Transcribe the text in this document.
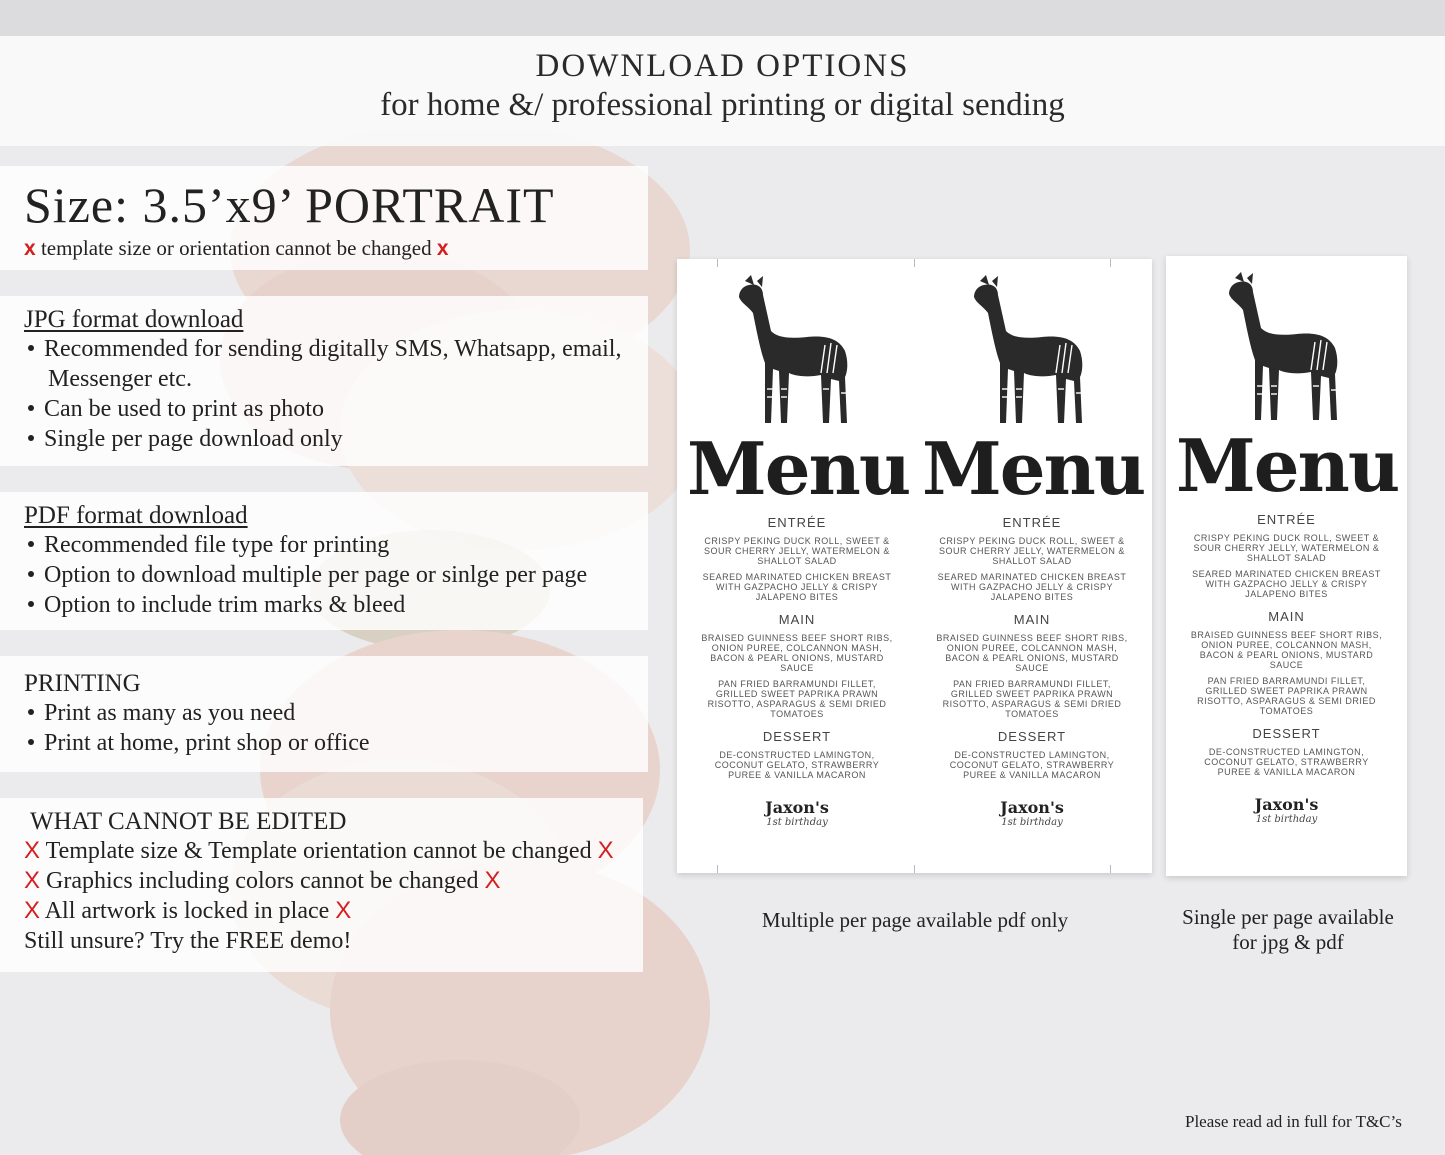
DOWNLOAD OPTIONS
for home &/ professional printing or digital sending
Size: 3.5’x9’ PORTRAIT
x template size or orientation cannot be changed x
JPG format download
Recommended for sending digitally SMS, Whatsapp, email,
Messenger etc.
Can be used to print as photo
Single per page download only
PDF format download
Recommended file type for printing
Option to download multiple per page or sinlge per page
Option to include trim marks & bleed
PRINTING
Print as many as you need
Print at home, print shop or office
WHAT CANNOT BE EDITED
X Template size & Template orientation cannot be changed X
X Graphics including colors cannot be changed X
X All artwork is locked in place X
Still unsure? Try the FREE demo!
Menu
ENTRÉE
CRISPY PEKING DUCK ROLL, SWEET & SOUR CHERRY JELLY, WATERMELON & SHALLOT SALAD
SEARED MARINATED CHICKEN BREAST WITH GAZPACHO JELLY & CRISPY JALAPENO BITES
MAIN
BRAISED GUINNESS BEEF SHORT RIBS, ONION PUREE, COLCANNON MASH, BACON & PEARL ONIONS, MUSTARD SAUCE
PAN FRIED BARRAMUNDI FILLET, GRILLED SWEET PAPRIKA PRAWN RISOTTO, ASPARAGUS & SEMI DRIED TOMATOES
DESSERT
DE-CONSTRUCTED LAMINGTON, COCONUT GELATO, STRAWBERRY PUREE & VANILLA MACARON
Jaxon's
1st birthday
Menu
ENTRÉE
CRISPY PEKING DUCK ROLL, SWEET & SOUR CHERRY JELLY, WATERMELON & SHALLOT SALAD
SEARED MARINATED CHICKEN BREAST WITH GAZPACHO JELLY & CRISPY JALAPENO BITES
MAIN
BRAISED GUINNESS BEEF SHORT RIBS, ONION PUREE, COLCANNON MASH, BACON & PEARL ONIONS, MUSTARD SAUCE
PAN FRIED BARRAMUNDI FILLET, GRILLED SWEET PAPRIKA PRAWN RISOTTO, ASPARAGUS & SEMI DRIED TOMATOES
DESSERT
DE-CONSTRUCTED LAMINGTON, COCONUT GELATO, STRAWBERRY PUREE & VANILLA MACARON
Jaxon's
1st birthday
Menu
ENTRÉE
CRISPY PEKING DUCK ROLL, SWEET & SOUR CHERRY JELLY, WATERMELON & SHALLOT SALAD
SEARED MARINATED CHICKEN BREAST WITH GAZPACHO JELLY & CRISPY JALAPENO BITES
MAIN
BRAISED GUINNESS BEEF SHORT RIBS, ONION PUREE, COLCANNON MASH, BACON & PEARL ONIONS, MUSTARD SAUCE
PAN FRIED BARRAMUNDI FILLET, GRILLED SWEET PAPRIKA PRAWN RISOTTO, ASPARAGUS & SEMI DRIED TOMATOES
DESSERT
DE-CONSTRUCTED LAMINGTON, COCONUT GELATO, STRAWBERRY PUREE & VANILLA MACARON
Jaxon's
1st birthday
Multiple per page available pdf only	Single per page available
for jpg & pdf
Please read ad in full for T&C’s
